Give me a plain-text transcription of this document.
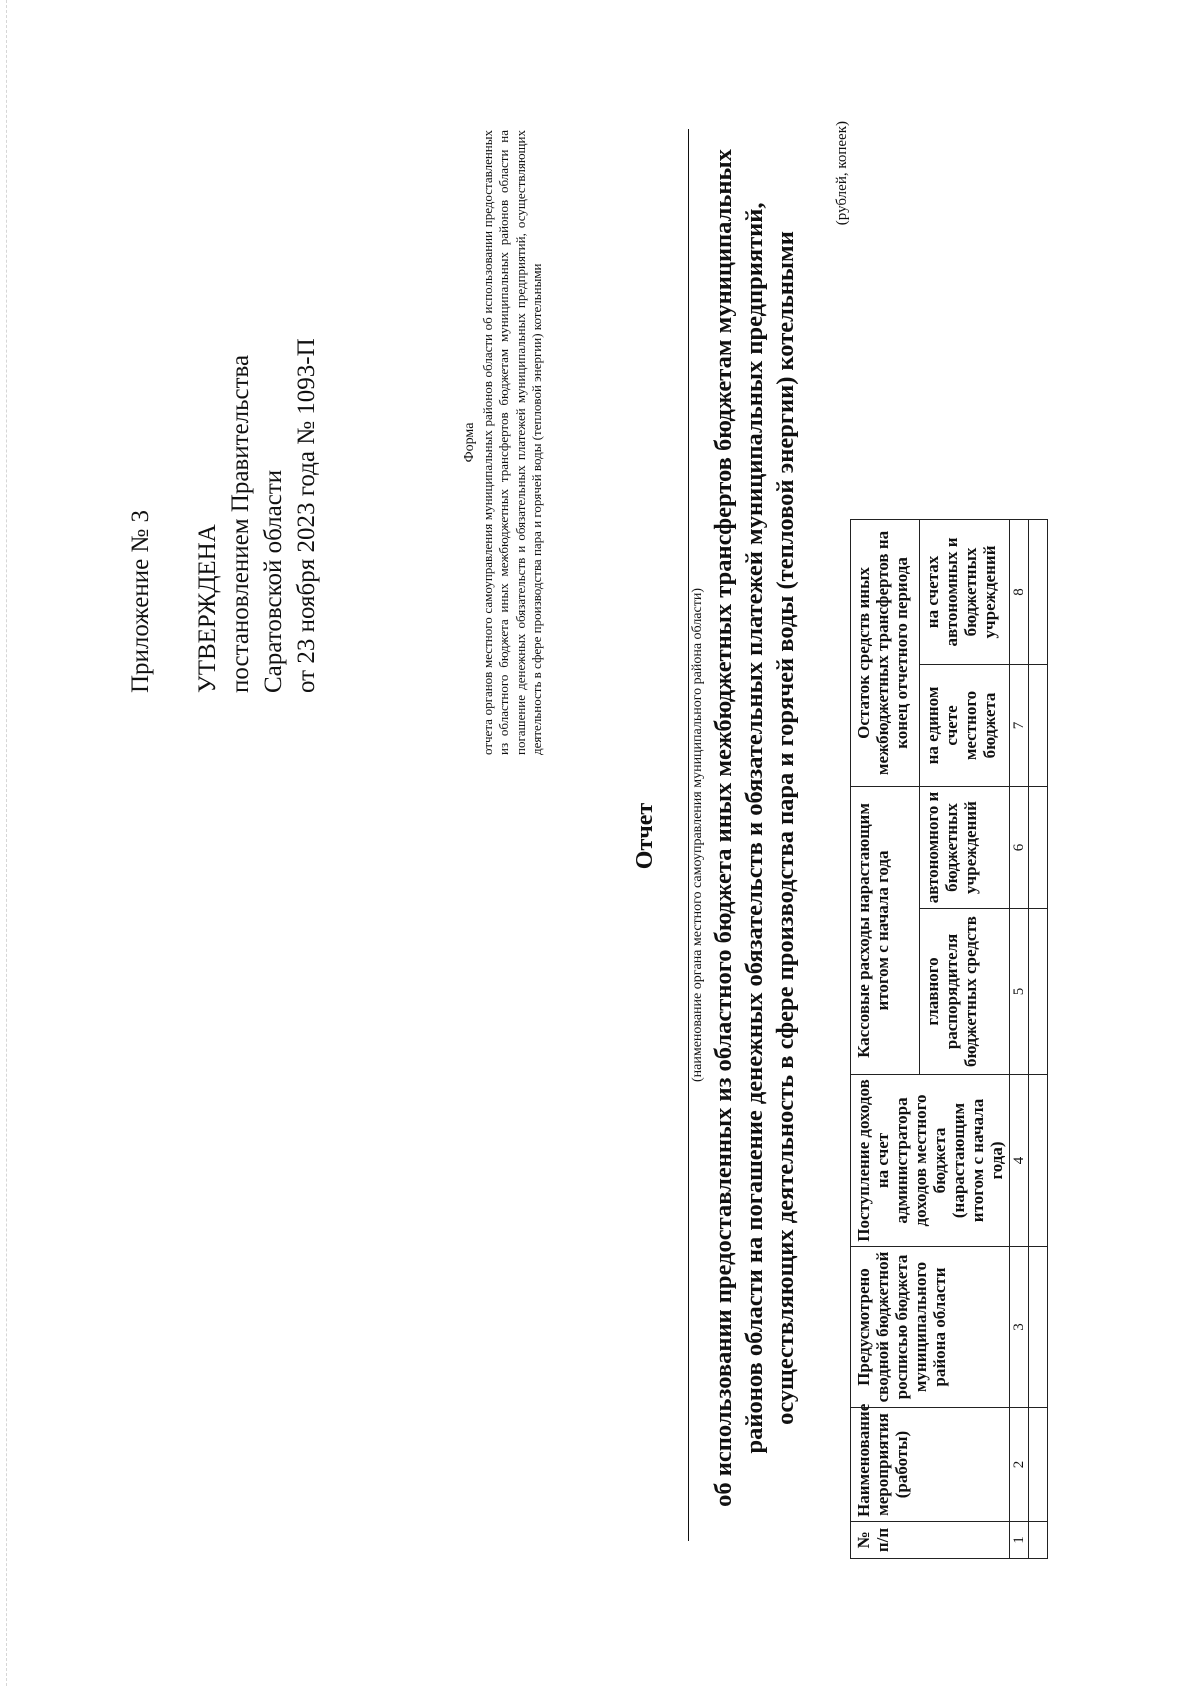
Приложение № 3 УТВЕРЖДЕНА постановлением Правительства Саратовской области от 23 ноября 2023 года № 1093-П	Форма отчета органов местного самоуправления муниципальных районов области об использовании предоставленных из областного бюджета иных межбюджетных трансфертов бюджетам муниципальных районов области на погашение денежных обязательств и обязательных платежей муниципальных предприятий, осуществляющих деятельность в сфере производства пара и горячей воды (тепловой энергии) котельными
Отчет (наименование органа местного самоуправления муниципального района области) об использовании предоставленных из областного бюджета иных межбюджетных трансфертов бюджетам муниципальных районов области на погашение денежных обязательств и обязательных платежей муниципальных предприятий, осуществляющих деятельность в сфере производства пара и горячей воды (тепловой энергии) котельными
(рублей, копеек)
№ п/п	Наименование мероприятия (работы)	Предусмотрено сводной бюджетной росписью бюджета муниципального района области	Поступление доходов на счет администратора доходов местного бюджета (нарастающим итогом с начала года)	Кассовые расходы нарастающим итогом с начала года		Остаток средств иных межбюджетных трансфертов на конец отчетного периода		
				главного распорядителя бюджетных средств	автономного и бюджетных учреждений	на едином счете местного бюджета	на счетах автономных и бюджетных учреждений	
1	2	3	4	5	6	7	8	
